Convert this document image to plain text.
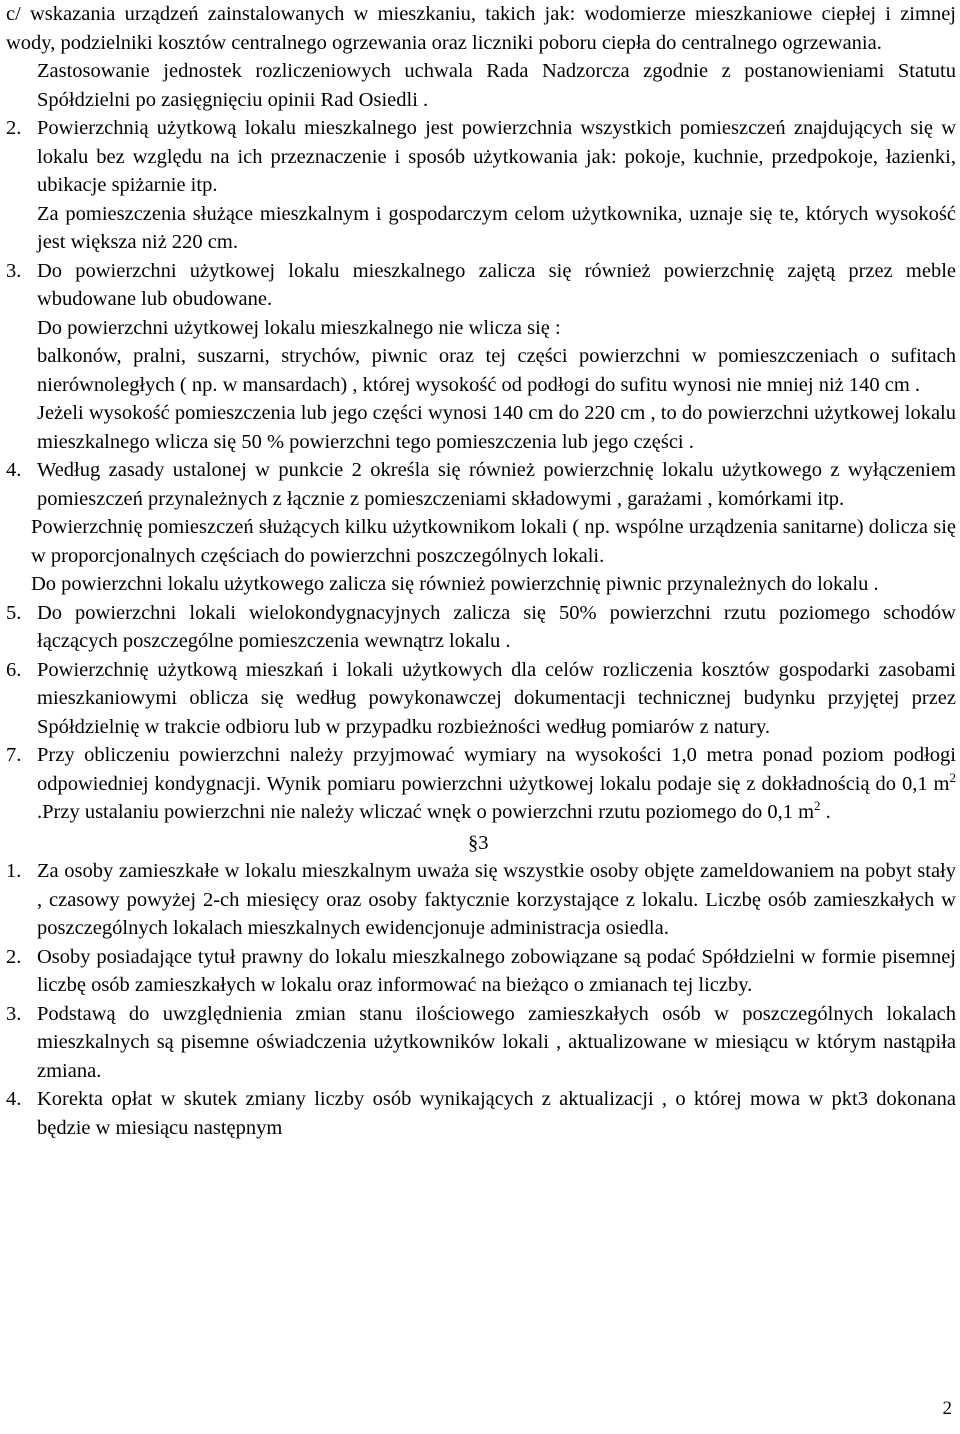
c/ wskazania urządzeń zainstalowanych w mieszkaniu, takich jak: wodomierze mieszkaniowe ciepłej i zimnej wody, podzielniki kosztów centralnego ogrzewania oraz liczniki poboru ciepła do centralnego ogrzewania.

Zastosowanie jednostek rozliczeniowych uchwala Rada Nadzorcza zgodnie z postanowieniami Statutu Spółdzielni po zasięgnięciu opinii Rad Osiedli .

2. Powierzchnią użytkową lokalu mieszkalnego jest powierzchnia wszystkich pomieszczeń znajdujących się w lokalu bez względu na ich przeznaczenie i sposób użytkowania jak: pokoje, kuchnie, przedpokoje, łazienki, ubikacje spiżarnie itp.

Za pomieszczenia służące mieszkalnym i gospodarczym celom użytkownika, uznaje się te, których wysokość jest większa niż 220 cm.

3. Do powierzchni użytkowej lokalu mieszkalnego zalicza się również powierzchnię zajętą przez meble wbudowane lub obudowane.

Do powierzchni użytkowej lokalu mieszkalnego nie wlicza się :

balkonów, pralni, suszarni, strychów, piwnic oraz tej części powierzchni w pomieszczeniach o sufitach nierównoległych ( np. w mansardach) , której wysokość od podłogi do sufitu wynosi nie mniej niż 140 cm .

Jeżeli wysokość pomieszczenia lub jego części wynosi 140 cm do 220 cm , to do powierzchni użytkowej lokalu mieszkalnego wlicza się 50 % powierzchni tego pomieszczenia lub jego części .

4. Według zasady ustalonej w punkcie 2 określa się również powierzchnię lokalu użytkowego z wyłączeniem pomieszczeń przynależnych z łącznie z pomieszczeniami składowymi , garażami , komórkami itp.

Powierzchnię pomieszczeń służących kilku użytkownikom lokali ( np. wspólne urządzenia sanitarne) dolicza się w proporcjonalnych częściach do powierzchni poszczególnych lokali.

Do powierzchni lokalu użytkowego zalicza się również powierzchnię piwnic przynależnych do lokalu .

5. Do powierzchni lokali wielokondygnacyjnych zalicza się 50% powierzchni rzutu poziomego schodów łączących poszczególne pomieszczenia wewnątrz lokalu .

6. Powierzchnię użytkową mieszkań i lokali użytkowych dla celów rozliczenia kosztów gospodarki zasobami mieszkaniowymi oblicza się według powykonawczej dokumentacji technicznej budynku przyjętej przez Spółdzielnię w trakcie odbioru lub w przypadku rozbieżności według pomiarów z natury.

7. Przy obliczeniu powierzchni należy przyjmować wymiary na wysokości 1,0 metra ponad poziom podłogi odpowiedniej kondygnacji. Wynik pomiaru powierzchni użytkowej lokalu podaje się z dokładnością do 0,1 $m^2$ .Przy ustalaniu powierzchni nie należy wliczać wnęk o powierzchni rzutu poziomego do 0,1 $m^2$ .

§3
1. Za osoby zamieszkałe w lokalu mieszkalnym uważa się wszystkie osoby objęte zameldowaniem na pobyt stały , czasowy powyżej 2-ch miesięcy oraz osoby faktycznie korzystające z lokalu. Liczbę osób zamieszkałych w poszczególnych lokalach mieszkalnych ewidencjonuje administracja osiedla.

2. Osoby posiadające tytuł prawny do lokalu mieszkalnego zobowiązane są podać Spółdzielni w formie pisemnej liczbę osób zamieszkałych w lokalu oraz informować na bieżąco o zmianach tej liczby.

3. Podstawą do uwzględnienia zmian stanu ilościowego zamieszkałych osób w poszczególnych lokalach mieszkalnych są pisemne oświadczenia użytkowników lokali , aktualizowane w miesiącu w którym nastąpiła zmiana.

4. Korekta opłat w skutek zmiany liczby osób wynikających z aktualizacji , o której mowa w pkt3 dokonana będzie w miesiącu następnym

2
